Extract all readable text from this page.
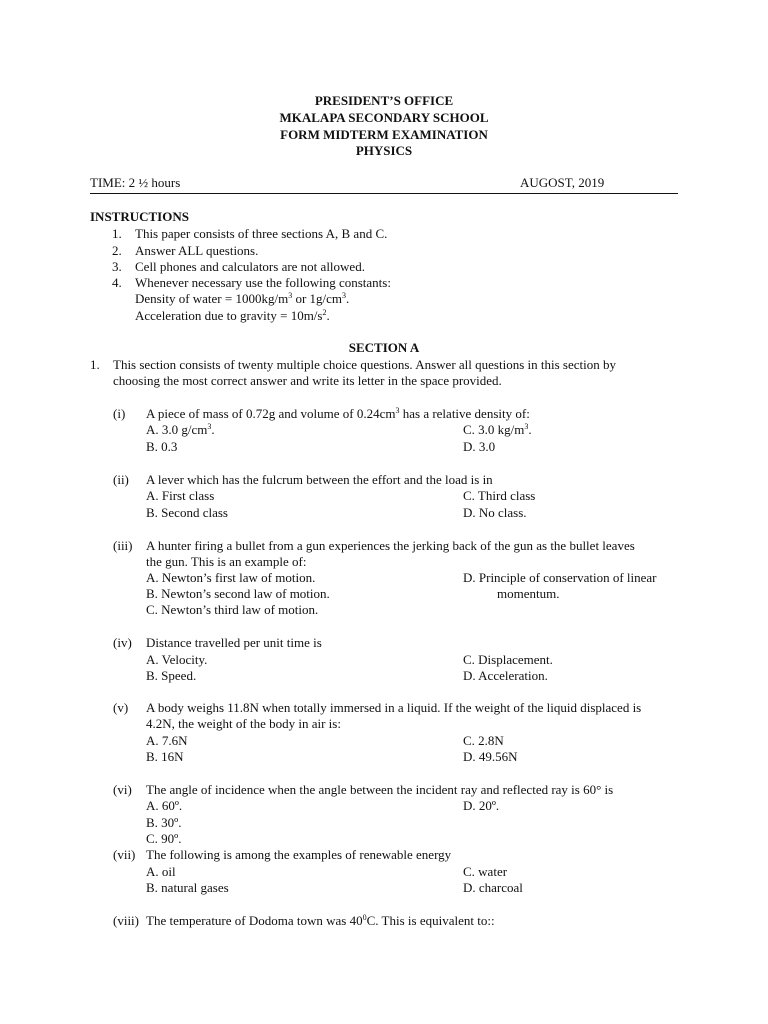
PRESIDENT’S OFFICE
MKALAPA SECONDARY SCHOOL
FORM MIDTERM EXAMINATION
PHYSICS
TIME: 2 ½ hours	AUGOST, 2019
INSTRUCTIONS
1. This paper consists of three sections A, B and C.
2. Answer ALL questions.
3. Cell phones and calculators are not allowed.
4. Whenever necessary use the following constants:
Density of water = $1000kg/m^3$ or $1g/cm^3$.
Acceleration due to gravity = $10m/s^2$.
SECTION A
1. This section consists of twenty multiple choice questions. Answer all questions in this section by
choosing the most correct answer and write its letter in the space provided.
(i) A piece of mass of 0.72g and volume of $0.24cm^3$ has a relative density of:
A. 3.0 $g/cm^3$.	C. 3.0 $kg/m^3$.
B. 0.3	D. 3.0
(ii) A lever which has the fulcrum between the effort and the load is in
A. First class	C. Third class
B. Second class	D. No class.
(iii) A hunter firing a bullet from a gun experiences the jerking back of the gun as the bullet leaves
the gun. This is an example of:
A. Newton’s first law of motion.	D. Principle of conservation of linear
B. Newton’s second law of motion.	momentum.
C. Newton’s third law of motion.
(iv) Distance travelled per unit time is
A. Velocity.	C. Displacement.
B. Speed.	D. Acceleration.
(v) A body weighs 11.8N when totally immersed in a liquid. If the weight of the liquid displaced is
4.2N, the weight of the body in air is:
A. 7.6N	C. 2.8N
B. 16N	D. 49.56N
(vi) The angle of incidence when the angle between the incident ray and reflected ray is 60° is
A. 60º.	D. 20º.
B. 30º.
C. 90º.
(vii) The following is among the examples of renewable energy
A. oil	C. water
B. natural gases	D. charcoal
(viii) The temperature of Dodoma town was $40^0C$. This is equivalent to::
